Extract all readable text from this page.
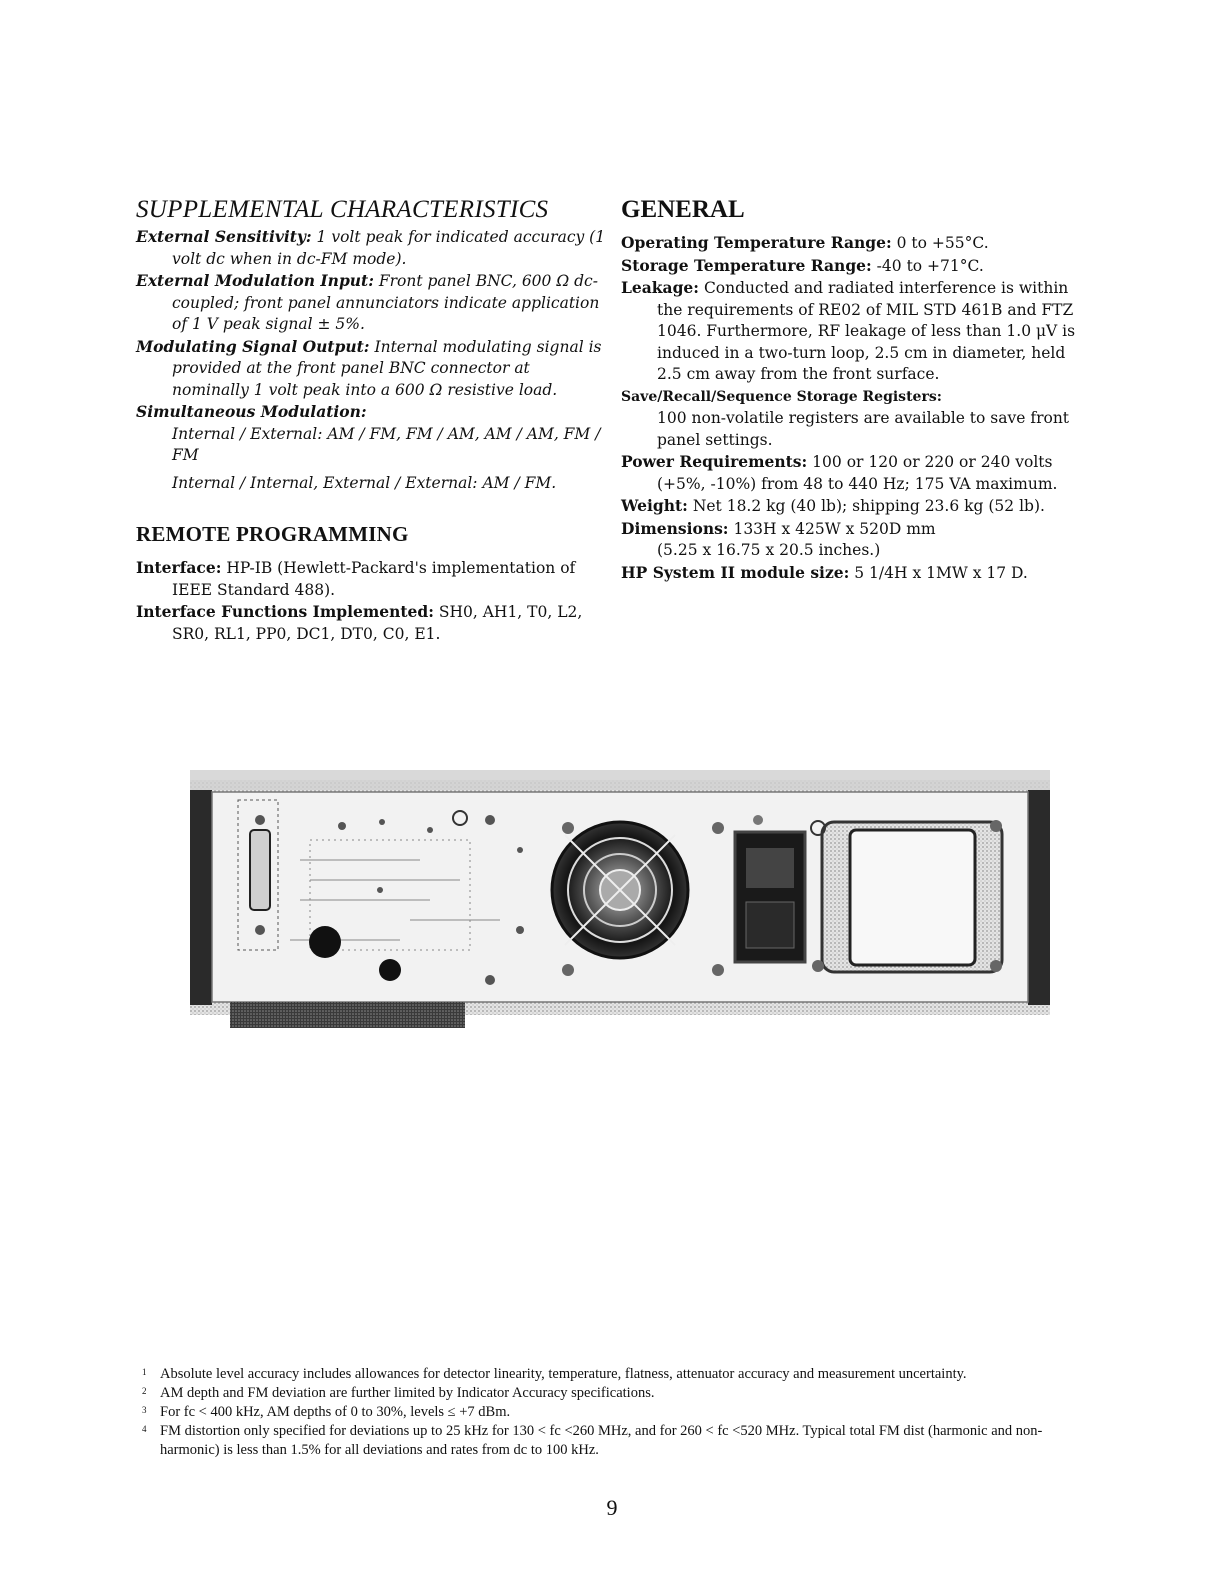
SUPPLEMENTAL CHARACTERISTICS

External Sensitivity: 1 volt peak for indicated accuracy (1 volt dc when in dc-FM mode).

External Modulation Input: Front panel BNC, 600 Ω dc-coupled; front panel annunciators indicate application of 1 V peak signal ± 5%.

Modulating Signal Output: Internal modulating signal is provided at the front panel BNC connector at nominally 1 volt peak into a 600 Ω resistive load.

Simultaneous Modulation:

Internal / External: AM / FM, FM / AM, AM / AM, FM / FM

Internal / Internal, External / External: AM / FM.

REMOTE PROGRAMMING

Interface: HP-IB (Hewlett-Packard's implementation of IEEE Standard 488).

Interface Functions Implemented: SH0, AH1, T0, L2, SR0, RL1, PP0, DC1, DT0, C0, E1.

GENERAL

Operating Temperature Range: 0 to +55°C.

Storage Temperature Range: -40 to +71°C.

Leakage: Conducted and radiated interference is within the requirements of RE02 of MIL STD 461B and FTZ 1046. Furthermore, RF leakage of less than 1.0 μV is induced in a two-turn loop, 2.5 cm in diameter, held 2.5 cm away from the front surface.

Save/Recall/Sequence Storage Registers:

100 non-volatile registers are available to save front panel settings.

Power Requirements: 100 or 120 or 220 or 240 volts (+5%, -10%) from 48 to 440 Hz; 175 VA maximum.

Weight: Net 18.2 kg (40 lb); shipping 23.6 kg (52 lb).

Dimensions: 133H x 425W x 520D mm

(5.25 x 16.75 x 20.5 inches.)

HP System II module size: 5 1/4H x 1MW x 17 D.

1 Absolute level accuracy includes allowances for detector linearity, temperature, flatness, attenuator accuracy and measurement uncertainty.

2 AM depth and FM deviation are further limited by Indicator Accuracy specifications.

3 For fc < 400 kHz, AM depths of 0 to 30%, levels ≤ +7 dBm.

4 FM distortion only specified for deviations up to 25 kHz for 130 < fc <260 MHz, and for 260 < fc <520 MHz. Typical total FM dist (harmonic and non-harmonic) is less than 1.5% for all deviations and rates from dc to 100 kHz.

9
